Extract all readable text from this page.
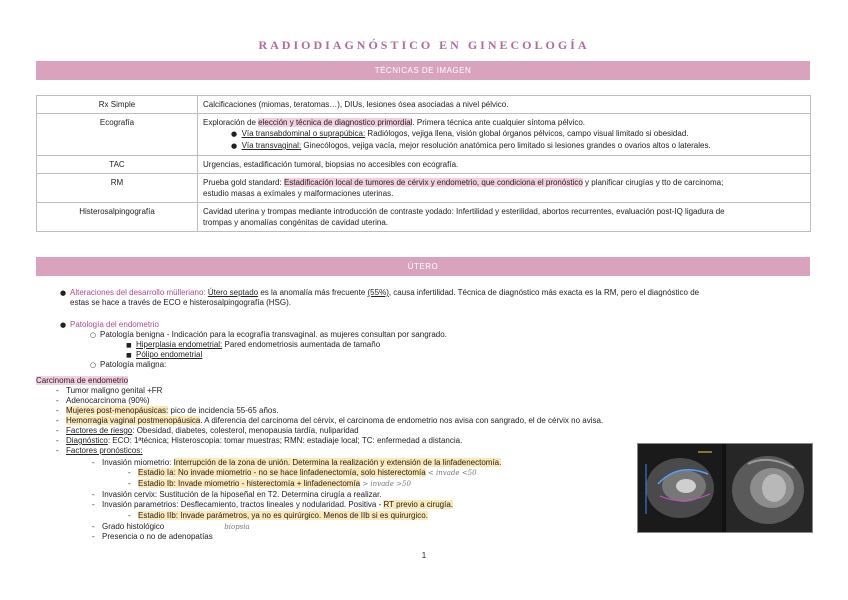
RADIODIAGNÓSTICO EN GINECOLOGÍA
TÉCNICAS DE IMAGEN
Rx Simple	Calcificaciones (miomas, teratomas…), DIUs, lesiones ósea asociadas a nivel pélvico.
Ecografía	Exploración de elección y técnica de diagnostico primordial. Primera técnica ante cualquier síntoma pélvico.
● Vía transabdominal o suprapúbica: Radiólogos, vejiga llena, visión global órganos pélvicos, campo visual limitado si obesidad.
● Vía transvaginal: Ginecólogos, vejiga vacía, mejor resolución anatómica pero limitado si lesiones grandes o ovarios altos o laterales.
TAC	Urgencias, estadificación tumoral, biopsias no accesibles con ecografía.
RM	Prueba gold standard: Estadificación local de tumores de cérvix y endometrio, que condiciona el pronóstico y planificar cirugías y tto de carcinoma;
estudio masas a exímales y malformaciones uterinas.
Histerosalpingografía	Cavidad uterina y trompas mediante introducción de contraste yodado: Infertilidad y esterilidad, abortos recurrentes, evaluación post-IQ ligadura de
trompas y anomalías congénitas de cavidad uterina.
ÚTERO
● Alteraciones del desarrollo mülleriano: Útero septado es la anomalía más frecuente (55%), causa infertilidad. Técnica de diagnóstico más exacta es la RM, pero el diagnóstico de
estas se hace a través de ECO e histerosalpingografía (HSG).
● Patología del endometrio
○ Patología benigna - Indicación para la ecografía transvaginal. as mujeres consultan por sangrado.
■ Hiperplasia endometrial: Pared endometriosis aumentada de tamaño
■ Pólipo endometrial
○ Patología maligna:
Carcinoma de endometrio
- Tumor maligno genital +FR
- Adenocarcinoma (90%)
- Mujeres post-menopáusicas: pico de incidencia 55-65 años.
- Hemorragia vaginal postmenopáusica. A diferencia del carcinoma del cérvix, el carcinoma de endometrio nos avisa con sangrado, el de cérvix no avisa.
- Factores de riesgo: Obesidad, diabetes, colesterol, menopausia tardía, nuliparidad
- Diagnóstico: ECO: 1ªtécnica; Histeroscopia: tomar muestras; RMN: estadiaje local; TC: enfermedad a distancia.
- Factores pronósticos:
- Invasión miometrio: Interrupción de la zona de unión. Determina la realización y extensión de la linfadenectomía.
- Estadio Ia: No invade miometrio - no se hace linfadenectomía, solo histerectomía < invade <50
- Estadio Ib: Invade miometrio - histerectomía + linfadenectomía > invade >50
- Invasión cervix: Sustitución de la hiposeñal en T2. Determina cirugía a realizar.
- Invasión parametrios: Desflecamiento, tractos lineales y nodularidad. Positiva - RT previo a cirugía.
- Estadio IIb: Invade parámetros, ya no es quirúrgico. Menos de IIb si es quirurgico.
- Grado histológico	biopsia
- Presencia o no de adenopatías
1
